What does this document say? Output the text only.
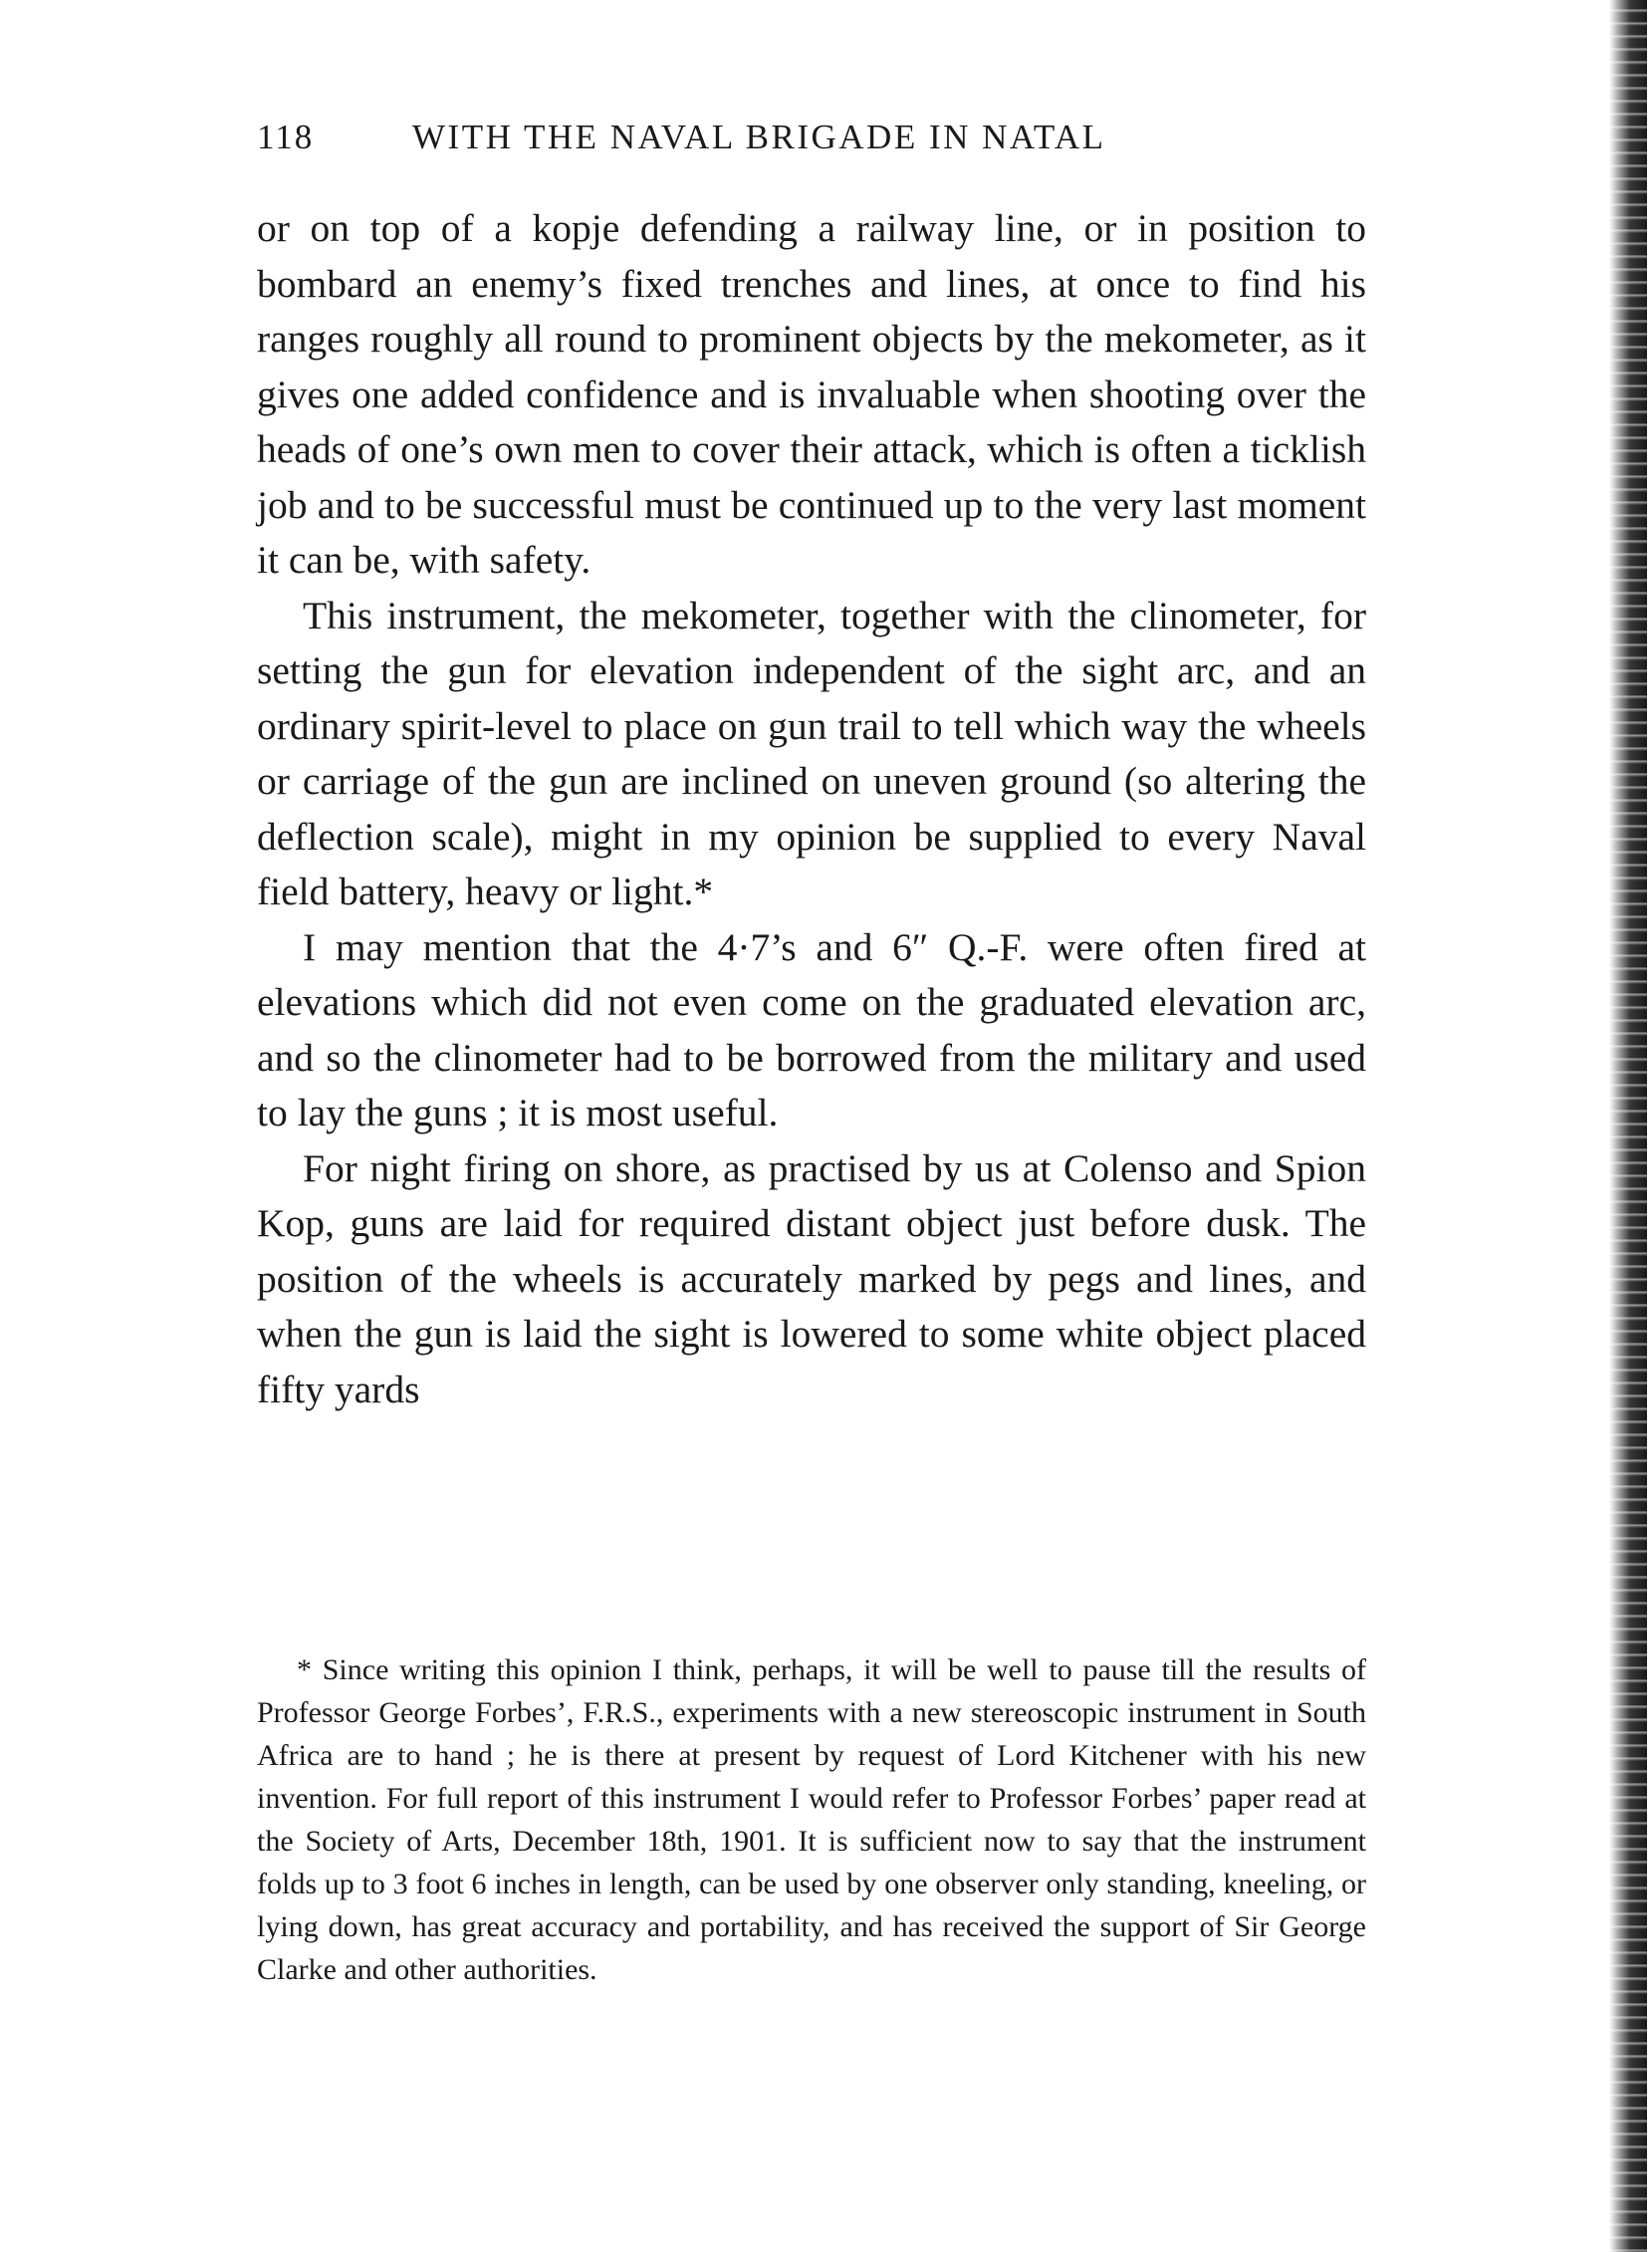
118	WITH THE NAVAL BRIGADE IN NATAL

or on top of a kopje defending a railway line, or in position to bombard an enemy’s fixed trenches and lines, at once to find his ranges roughly all round to prominent objects by the mekometer, as it gives one added confidence and is invaluable when shooting over the heads of one’s own men to cover their attack, which is often a ticklish job and to be successful must be continued up to the very last moment it can be, with safety.

This instrument, the mekometer, together with the clinometer, for setting the gun for elevation independent of the sight arc, and an ordinary spirit-level to place on gun trail to tell which way the wheels or carriage of the gun are inclined on uneven ground (so altering the deflection scale), might in my opinion be supplied to every Naval field battery, heavy or light.*

I may mention that the 4·7’s and 6″ Q.-F. were often fired at elevations which did not even come on the graduated elevation arc, and so the clinometer had to be borrowed from the military and used to lay the guns ; it is most useful.

For night firing on shore, as practised by us at Colenso and Spion Kop, guns are laid for required distant object just before dusk. The position of the wheels is accurately marked by pegs and lines, and when the gun is laid the sight is lowered to some white object placed fifty yards

* Since writing this opinion I think, perhaps, it will be well to pause till the results of Professor George Forbes’, F.R.S., experiments with a new stereoscopic instrument in South Africa are to hand ; he is there at present by request of Lord Kitchener with his new invention. For full report of this instrument I would refer to Professor Forbes’ paper read at the Society of Arts, December 18th, 1901. It is sufficient now to say that the instrument folds up to 3 foot 6 inches in length, can be used by one observer only standing, kneeling, or lying down, has great accuracy and portability, and has received the support of Sir George Clarke and other authorities.
